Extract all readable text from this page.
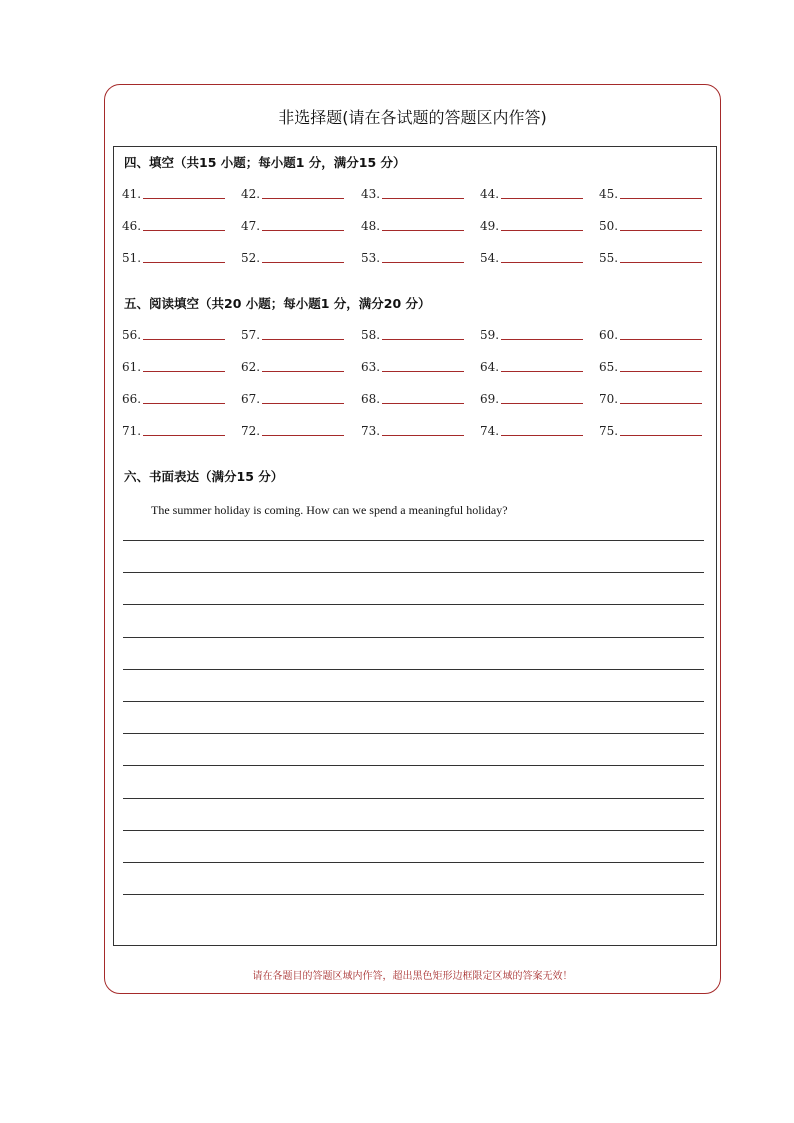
非选择题(请在各试题的答题区内作答)
四、填空（共15 小题；每小题1 分，满分15 分）
五、阅读填空（共20 小题；每小题1 分，满分20 分）
六、书面表达（满分15 分）
The summer holiday is coming. How can we spend a meaningful holiday?
41.	42.	43.	44.	45.
46.	47.	48.	49.	50.
51.	52.	53.	54.	55.
56.	57.	58.	59.	60.
61.	62.	63.	64.	65.
66.	67.	68.	69.	70.
71.	72.	73.	74.	75.
请在各题目的答题区域内作答，超出黑色矩形边框限定区域的答案无效！
